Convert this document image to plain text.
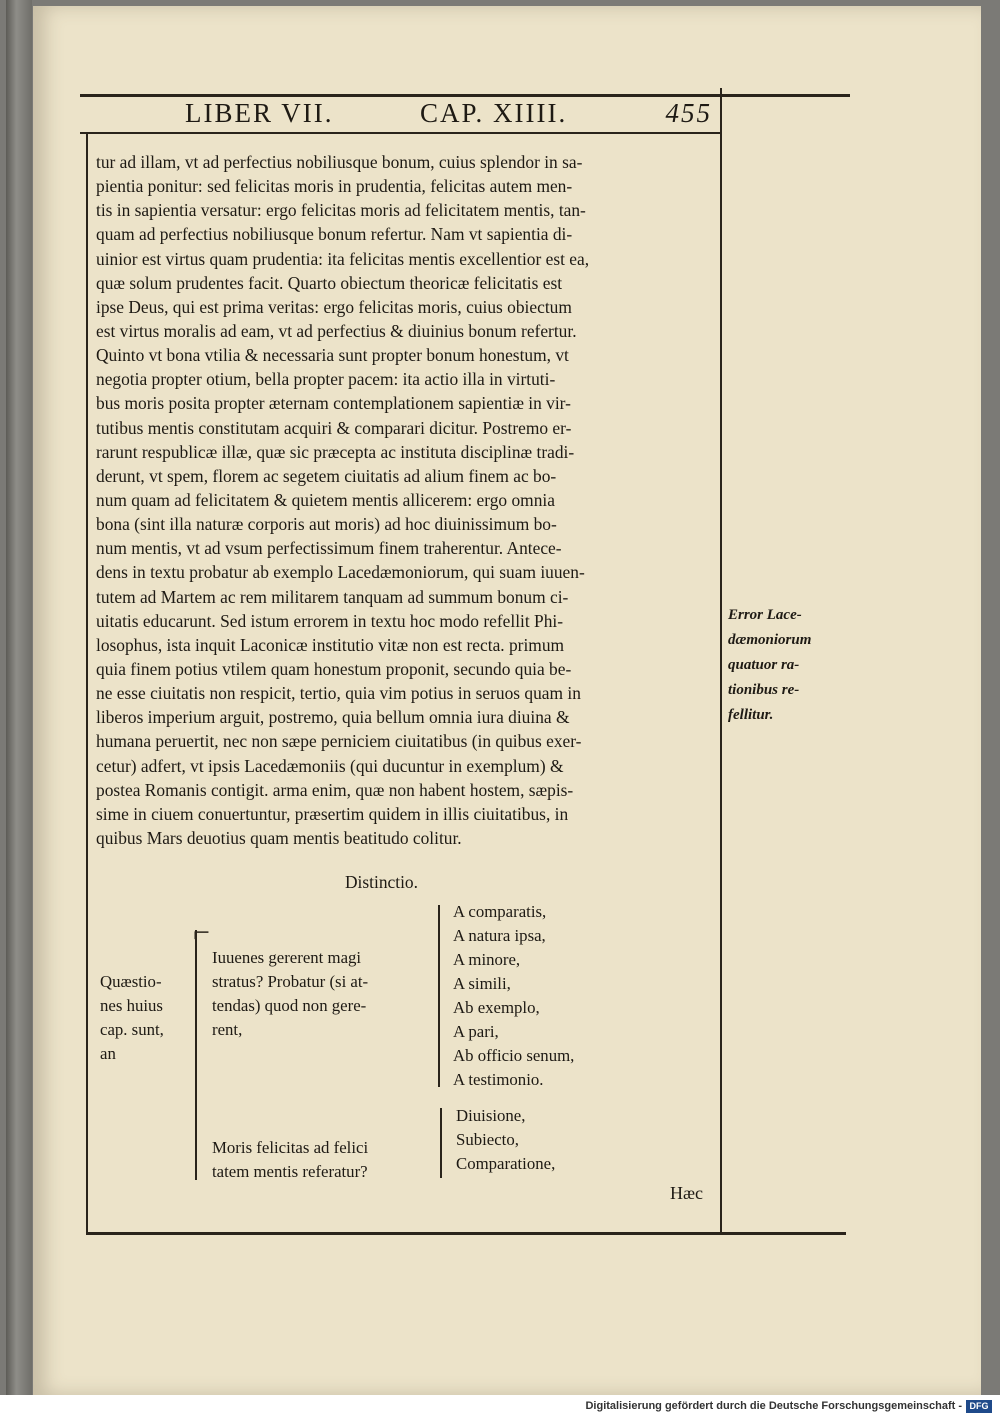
LIBER VII.	CAP. XIIII.	455
tur ad illam, vt ad perfectius nobiliusque bonum, cuius splendor in sa-
pientia ponitur: sed felicitas moris in prudentia, felicitas autem men-
tis in sapientia versatur: ergo felicitas moris ad felicitatem mentis, tan-
quam ad perfectius nobiliusque bonum refertur. Nam vt sapientia di-
uinior est virtus quam prudentia: ita felicitas mentis excellentior est ea,
quæ solum prudentes facit. Quarto obiectum theoricæ felicitatis est
ipse Deus, qui est prima veritas: ergo felicitas moris, cuius obiectum
est virtus moralis ad eam, vt ad perfectius & diuinius bonum refertur.
Quinto vt bona vtilia & necessaria sunt propter bonum honestum, vt
negotia propter otium, bella propter pacem: ita actio illa in virtuti-
bus moris posita propter æternam contemplationem sapientiæ in vir-
tutibus mentis constitutam acquiri & comparari dicitur. Postremo er-
rarunt respublicæ illæ, quæ sic præcepta ac instituta disciplinæ tradi-
derunt, vt spem, florem ac segetem ciuitatis ad alium finem ac bo-
num quam ad felicitatem & quietem mentis allicerem: ergo omnia
bona (sint illa naturæ corporis aut moris) ad hoc diuinissimum bo-
num mentis, vt ad vsum perfectissimum finem traherentur. Antece-
dens in textu probatur ab exemplo Lacedæmoniorum, qui suam iuuen-
tutem ad Martem ac rem militarem tanquam ad summum bonum ci-
uitatis educarunt. Sed istum errorem in textu hoc modo refellit Phi-
losophus, ista inquit Laconicæ institutio vitæ non est recta. primum
quia finem potius vtilem quam honestum proponit, secundo quia be-
ne esse ciuitatis non respicit, tertio, quia vim potius in seruos quam in
liberos imperium arguit, postremo, quia bellum omnia iura diuina &
humana peruertit, nec non sæpe perniciem ciuitatibus (in quibus exer-
cetur) adfert, vt ipsis Lacedæmoniis (qui ducuntur in exemplum) &
postea Romanis contigit. arma enim, quæ non habent hostem, sæpis-
sime in ciuem conuertuntur, præsertim quidem in illis ciuitatibus, in
quibus Mars deuotius quam mentis beatitudo colitur.
Error Lace-
dæmoniorum
quatuor ra-
tionibus re-
fellitur.
Distinctio.
Quæstio-
nes huius
cap. sunt,
an
⌐
Iuuenes gererent magi
stratus? Probatur (si at-
tendas) quod non gere-
rent,
A comparatis,
A natura ipsa,
A minore,
A simili,
Ab exemplo,
A pari,
Ab officio senum,
A testimonio.
Moris felicitas ad felici
tatem mentis referatur?
Diuisione,
Subiecto,
Comparatione,
Hæc
Digitalisierung gefördert durch die Deutsche Forschungsgemeinschaft - DFG
